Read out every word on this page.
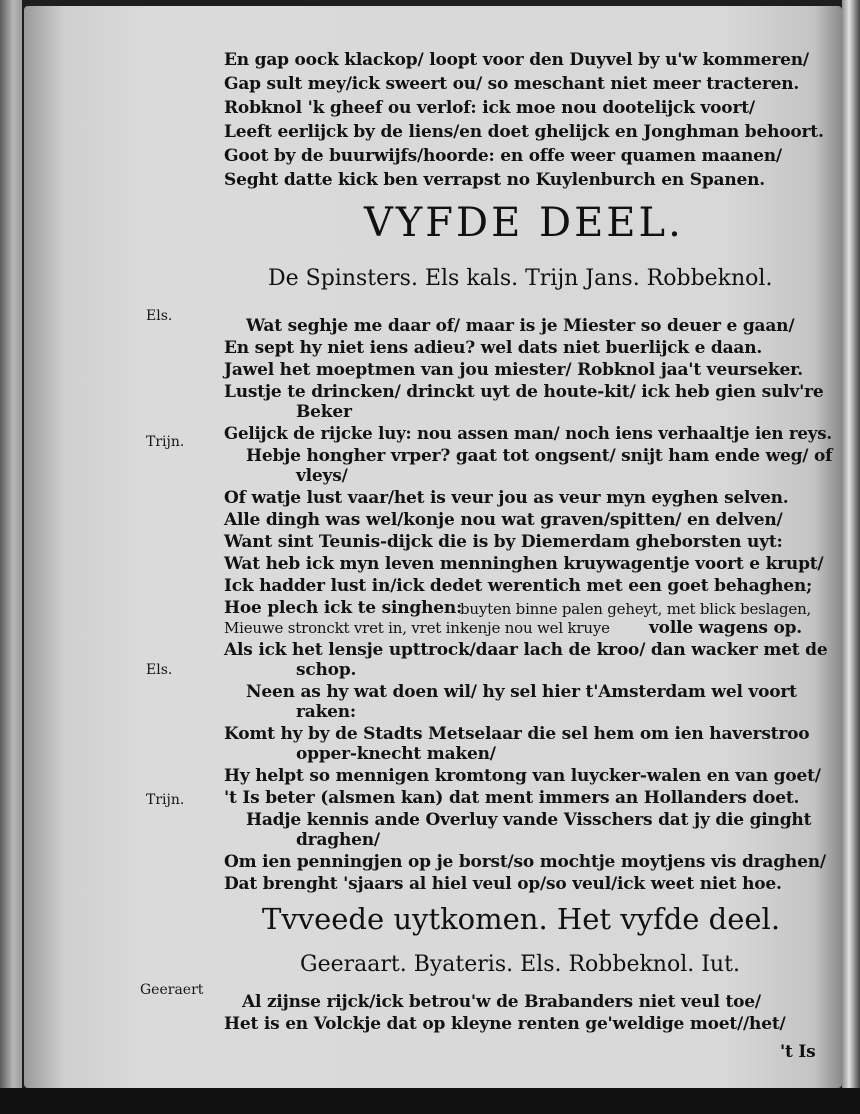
En gap oock klackop/ loopt voor den Duyvel by u'w kommeren/
Gap sult mey/ick sweert ou/ so meschant niet meer tracteren.
Robknol 'k gheef ou verlof: ick moe nou dootelijck voort/
Leeft eerlijck by de liens/en doet ghelijck en Jonghman behoort.
Goot by de buurwijfs/hoorde: en offe weer quamen maanen/
Seght datte kick ben verrapst no Kuylenburch en Spanen.
VYFDE DEEL.
De Spinsters. Els kals. Trijn Jans. Robbeknol.
Els.
Trijn.
Els.
Trijn.
Geeraert
Wat seghje me daar of/ maar is je Miester so deuer e gaan/
En sept hy niet iens adieu? wel dats niet buerlijck e daan.
Jawel het moeptmen van jou miester/ Robknol jaa't veurseker.
Lustje te drincken/ drinckt uyt de houte-kit/ ick heb gien sulv're
Beker
Gelijck de rijcke luy: nou assen man/ noch iens verhaaltje ien reys.
Hebje hongher vrper? gaat tot ongsent/ snijt ham ende weg/ of
vleys/
Of watje lust vaar/het is veur jou as veur myn eyghen selven.
Alle dingh was wel/konje nou wat graven/spitten/ en delven/
Want sint Teunis-dijck die is by Diemerdam gheborsten uyt:
Wat heb ick myn leven menninghen kruywagentje voort e krupt/
Ick hadder lust in/ick dedet werentich met een goet behaghen;
Hoe plech ick te singhen:
buyten binne palen geheyt, met blick beslagen,
Mieuwe stronckt vret in, vret in:
kenje nou wel kruye volle wagens op.
Als ick het lensje upttrock/daar lach de kroo/ dan wacker met de
schop.
Neen as hy wat doen wil/ hy sel hier t'Amsterdam wel voort
raken:
Komt hy by de Stadts Metselaar die sel hem om ien haverstroo
opper-knecht maken/
Hy helpt so mennigen kromtong van luycker-walen en van goet/
't Is beter (alsmen kan) dat ment immers an Hollanders doet.
Hadje kennis ande Overluy vande Visschers dat jy die ginght
draghen/
Om ien penningjen op je borst/so mochtje moytjens vis draghen/
Dat brenght 'sjaars al hiel veul op/so veul/ick weet niet hoe.
Tvveede uytkomen. Het vyfde deel.
Geeraart. Byateris. Els. Robbeknol. Iut.
Al zijnse rijck/ick betrou'w de Brabanders niet veul toe/
Het is en Volckje dat op kleyne renten ge'weldige moet//het/
't Is
